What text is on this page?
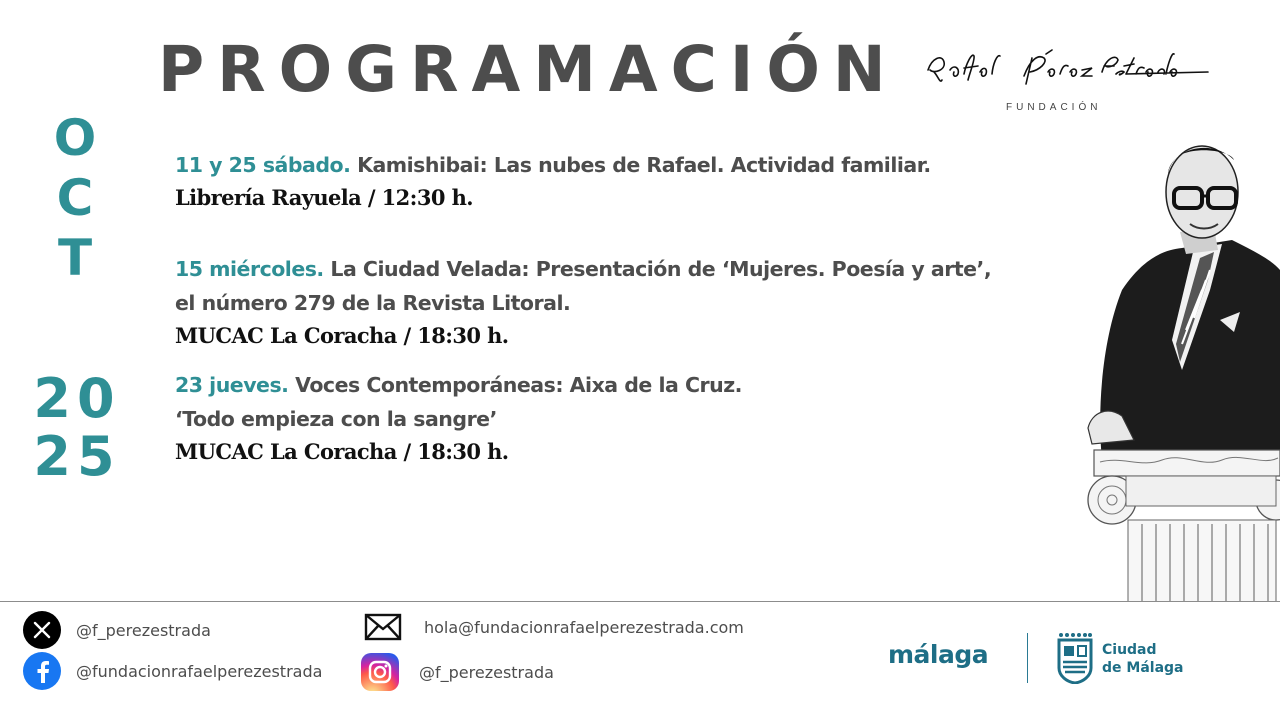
PROGRAMACIÓN
FUNDACIÓN
O
C
T
20
25
11 y 25 sábado. Kamishibai: Las nubes de Rafael. Actividad familiar.
Librería Rayuela / 12:30 h.
15 miércoles. La Ciudad Velada: Presentación de ‘Mujeres. Poesía y arte’,
el número 279 de la Revista Litoral.
MUCAC La Coracha / 18:30 h.
23 jueves. Voces Contemporáneas: Aixa de la Cruz.
‘Todo empieza con la sangre’
MUCAC La Coracha / 18:30 h.
@f_perezestrada
@fundacionrafaelperezestrada
hola@fundacionrafaelperezestrada.com
@f_perezestrada
málaga	Ciudad
de Málaga
